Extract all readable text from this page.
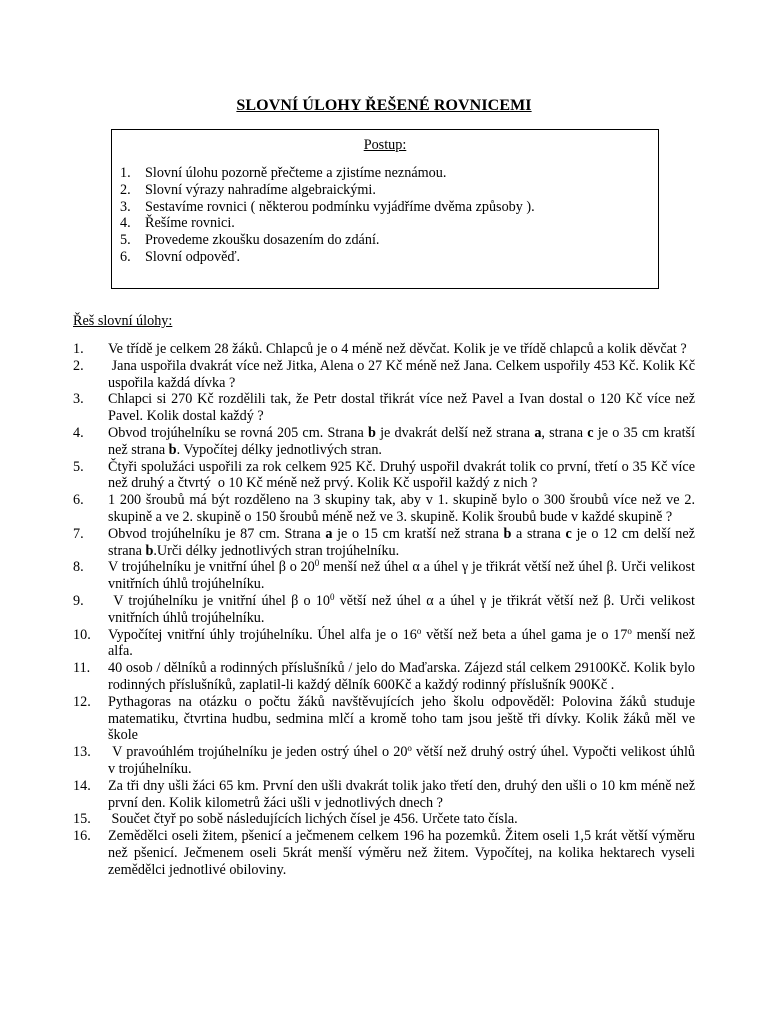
SLOVNÍ ÚLOHY ŘEŠENÉ ROVNICEMI
Postup:
1.	Slovní úlohu pozorně přečteme a zjistíme neznámou.
2.	Slovní výrazy nahradíme algebraickými.
3.	Sestavíme rovnici ( některou podmínku vyjádříme dvěma způsoby ).
4.	Řešíme rovnici.
5.	Provedeme zkoušku dosazením do zdání.
6.	Slovní odpověď.
Řeš slovní úlohy:
1.	Ve třídě je celkem 28 žáků. Chlapců je o 4 méně než děvčat. Kolik je ve třídě chlapců a kolik děvčat ?
2.	Jana uspořila dvakrát více než Jitka, Alena o 27 Kč méně než Jana. Celkem uspořily 453 Kč. Kolik Kč uspořila každá dívka ?
3.	Chlapci si 270 Kč rozdělili tak, že Petr dostal třikrát více než Pavel a Ivan dostal o 120 Kč více než Pavel. Kolik dostal každý ?
4.	Obvod trojúhelníku se rovná 205 cm. Strana b je dvakrát delší než strana a, strana c je o 35 cm kratší než strana b. Vypočítej délky jednotlivých stran.
5.	Čtyři spolužáci uspořili za rok celkem 925 Kč. Druhý uspořil dvakrát tolik co první, třetí o 35 Kč více než druhý a čtvrtý  o 10 Kč méně než prvý. Kolik Kč uspořil každý z nich ?
6.	1 200 šroubů má být rozděleno na 3 skupiny tak, aby v 1. skupině bylo o 300 šroubů více než ve 2. skupině a ve 2. skupině o 150 šroubů méně než ve 3. skupině. Kolik šroubů bude v každé skupině ?
7.	Obvod trojúhelníku je 87 cm. Strana a je o 15 cm kratší než strana b a strana c je o 12 cm delší než strana b.Urči délky jednotlivých stran trojúhelníku.
8.	V trojúhelníku je vnitřní úhel β o $20^0$ menší než úhel α a úhel γ je třikrát větší než úhel β. Urči velikost vnitřních úhlů trojúhelníku.
9.	V trojúhelníku je vnitřní úhel β o $10^0$ větší než úhel α a úhel γ je třikrát větší než β. Urči velikost vnitřních úhlů trojúhelníku.
10.	Vypočítej vnitřní úhly trojúhelníku. Úhel alfa je o 16$^o$ větší než beta a úhel gama je o 17$^o$ menší než alfa.
11.	40 osob / dělníků a rodinných příslušníků / jelo do Maďarska. Zájezd stál celkem 29100Kč. Kolik bylo rodinných příslušníků, zaplatil-li každý dělník 600Kč a každý rodinný příslušník 900Kč .
12.	Pythagoras na otázku o počtu žáků navštěvujících jeho školu odpověděl: Polovina žáků studuje matematiku, čtvrtina hudbu, sedmina mlčí a kromě toho tam jsou ještě tři dívky. Kolik žáků měl ve škole
13.	V pravoúhlém trojúhelníku je jeden ostrý úhel o 20$^o$ větší než druhý ostrý úhel. Vypočti velikost úhlů v trojúhelníku.
14.	Za tři dny ušli žáci 65 km. První den ušli dvakrát tolik jako třetí den, druhý den ušli o 10 km méně než první den. Kolik kilometrů žáci ušli v jednotlivých dnech ?
15.	Součet čtyř po sobě následujících lichých čísel je 456. Určete tato čísla.
16.	Zemědělci oseli žitem, pšenicí a ječmenem celkem 196 ha pozemků. Žitem oseli 1,5 krát větší výměru než pšenicí. Ječmenem oseli 5krát menší výměru než žitem. Vypočítej, na kolika hektarech vyseli zemědělci jednotlivé obiloviny.
